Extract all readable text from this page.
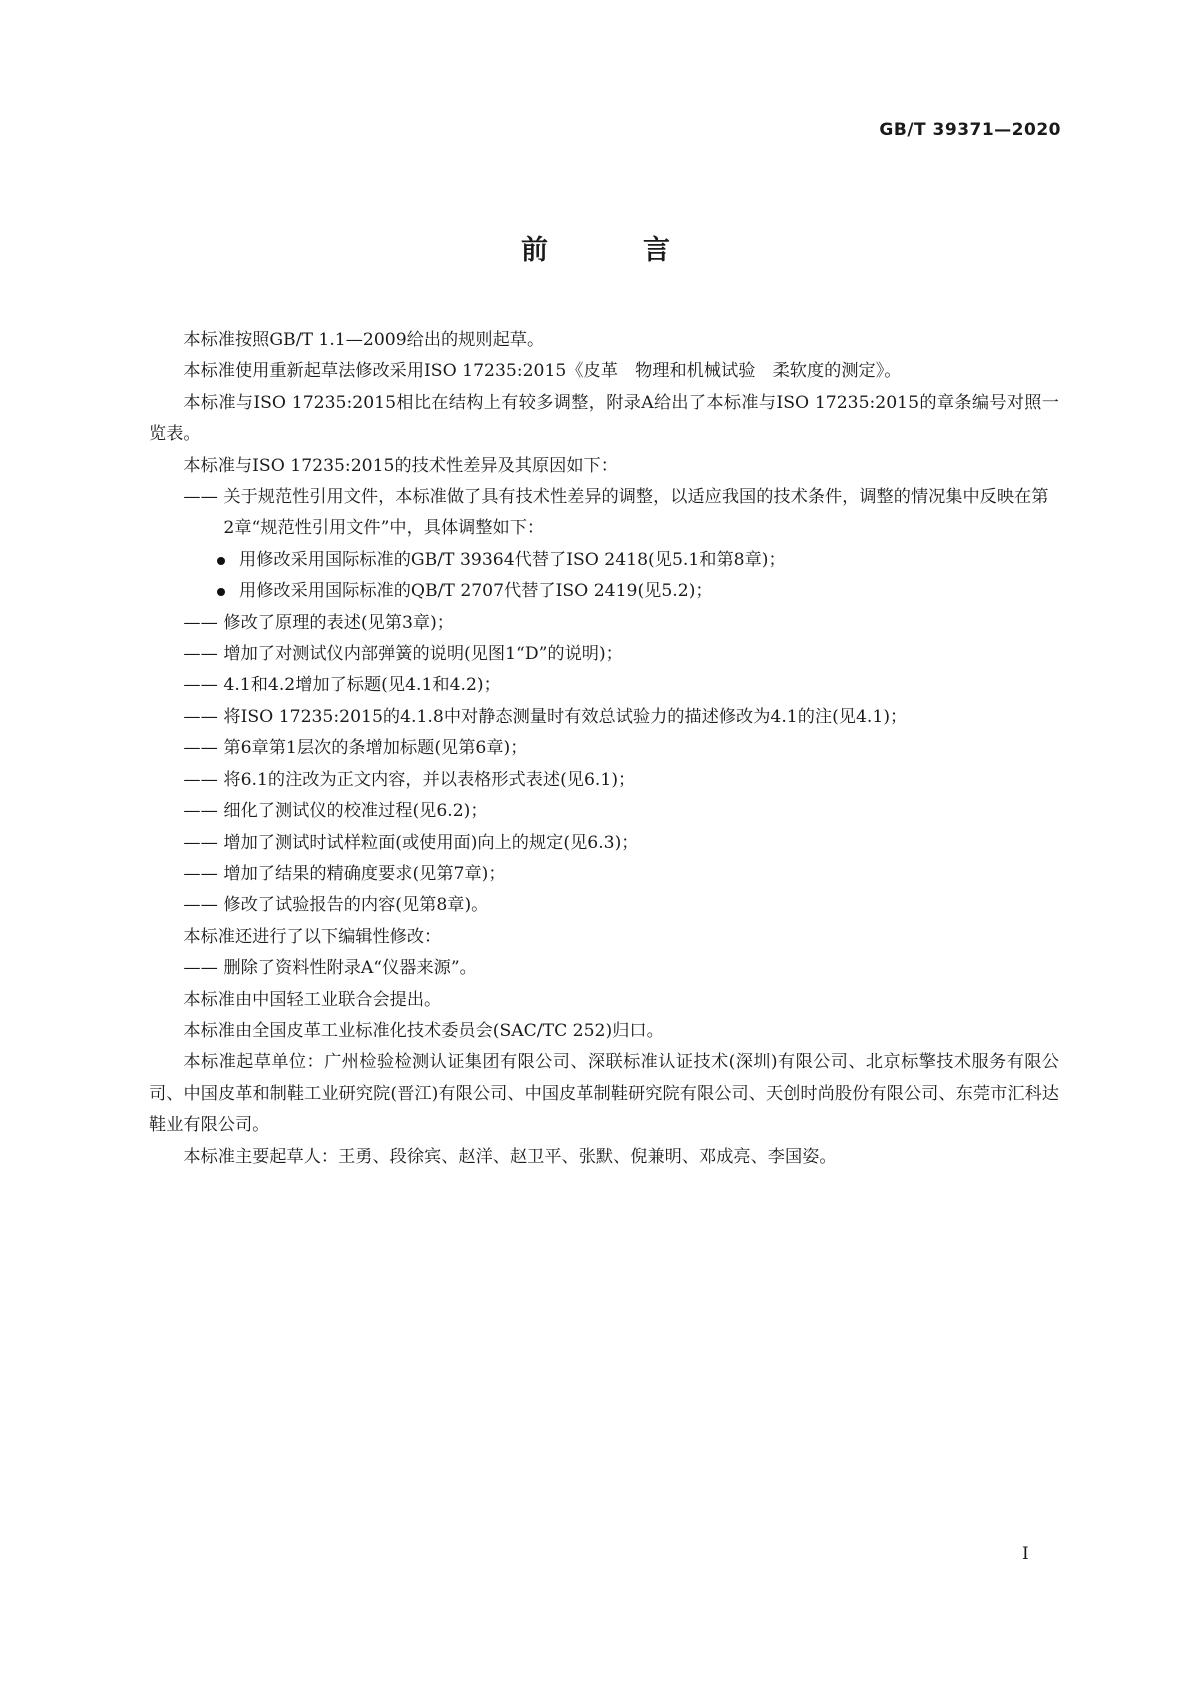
GB/T 39371—2020
前　言

本标准按照GB/T 1.1—2009给出的规则起草。

本标准使用重新起草法修改采用ISO 17235:2015《皮革　物理和机械试验　柔软度的测定》。

本标准与ISO 17235:2015相比在结构上有较多调整，附录A给出了本标准与ISO 17235:2015的章条编号对照一览表。

本标准与ISO 17235:2015的技术性差异及其原因如下：

—— 关于规范性引用文件，本标准做了具有技术性差异的调整，以适应我国的技术条件，调整的情况集中反映在第2章“规范性引用文件”中，具体调整如下：

用修改采用国际标准的GB/T 39364代替了ISO 2418(见5.1和第8章)；

用修改采用国际标准的QB/T 2707代替了ISO 2419(见5.2)；

—— 修改了原理的表述(见第3章)；

—— 增加了对测试仪内部弹簧的说明(见图1“D”的说明)；

—— 4.1和4.2增加了标题(见4.1和4.2)；

—— 将ISO 17235:2015的4.1.8中对静态测量时有效总试验力的描述修改为4.1的注(见4.1)；

—— 第6章第1层次的条增加标题(见第6章)；

—— 将6.1的注改为正文内容，并以表格形式表述(见6.1)；

—— 细化了测试仪的校准过程(见6.2)；

—— 增加了测试时试样粒面(或使用面)向上的规定(见6.3)；

—— 增加了结果的精确度要求(见第7章)；

—— 修改了试验报告的内容(见第8章)。

本标准还进行了以下编辑性修改：

—— 删除了资料性附录A“仪器来源”。

本标准由中国轻工业联合会提出。

本标准由全国皮革工业标准化技术委员会(SAC/TC 252)归口。

本标准起草单位：广州检验检测认证集团有限公司、深联标准认证技术(深圳)有限公司、北京标擎技术服务有限公司、中国皮革和制鞋工业研究院(晋江)有限公司、中国皮革制鞋研究院有限公司、天创时尚股份有限公司、东莞市汇科达鞋业有限公司。

本标准主要起草人：王勇、段徐宾、赵洋、赵卫平、张默、倪兼明、邓成亮、李国姿。

I
